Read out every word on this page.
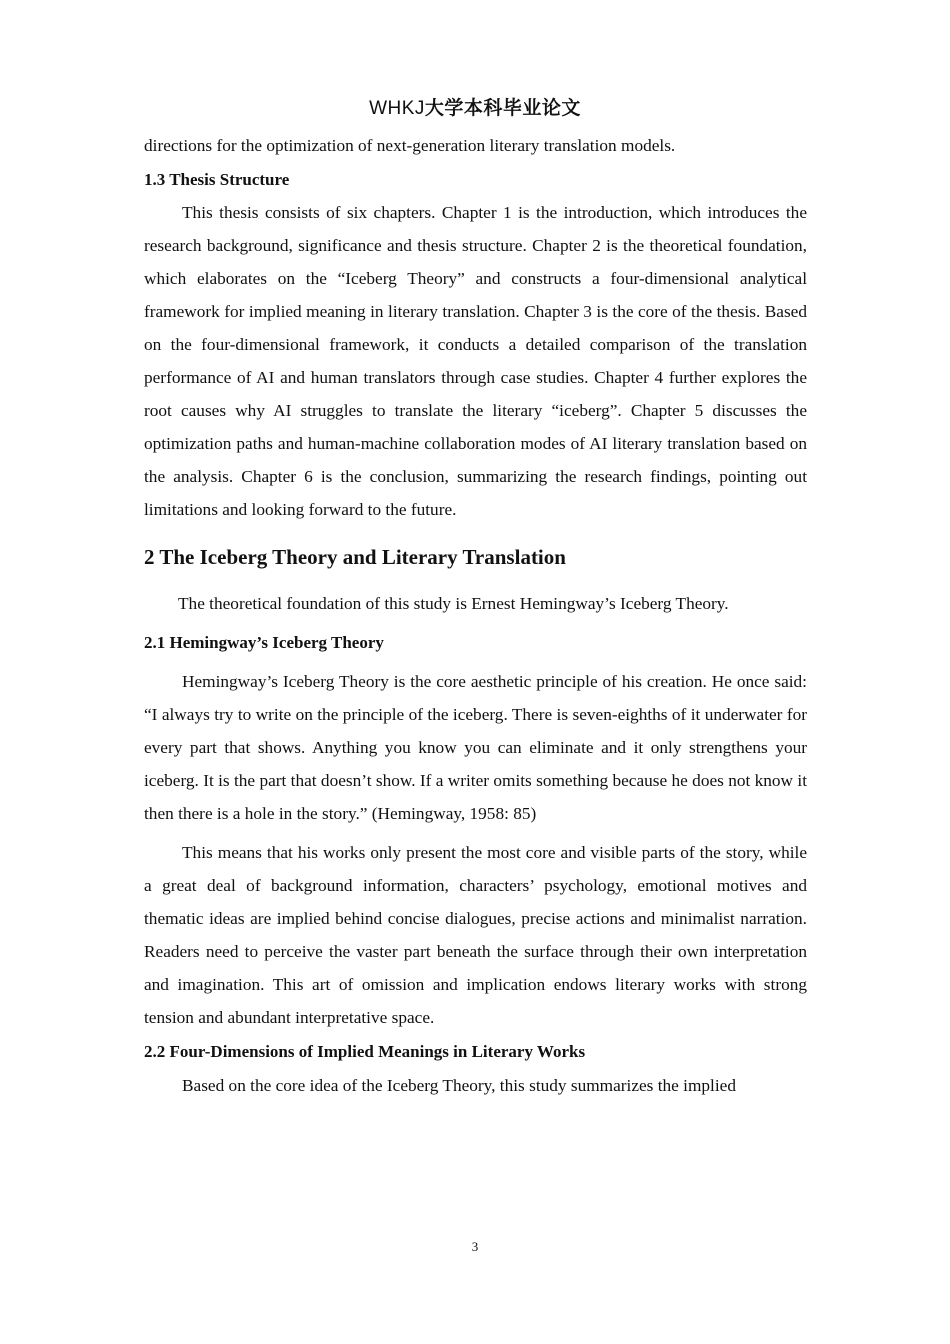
WHKJ大学本科毕业论文

directions for the optimization of next-generation literary translation models.

1.3 Thesis Structure

This thesis consists of six chapters. Chapter 1 is the introduction, which introduces the research background, significance and thesis structure. Chapter 2 is the theoretical foundation, which elaborates on the “Iceberg Theory” and constructs a four-dimensional analytical framework for implied meaning in literary translation. Chapter 3 is the core of the thesis. Based on the four-dimensional framework, it conducts a detailed comparison of the translation performance of AI and human translators through case studies. Chapter 4 further explores the root causes why AI struggles to translate the literary “iceberg”. Chapter 5 discusses the optimization paths and human-machine collaboration modes of AI literary translation based on the analysis. Chapter 6 is the conclusion, summarizing the research findings, pointing out limitations and looking forward to the future.

2 The Iceberg Theory and Literary Translation

The theoretical foundation of this study is Ernest Hemingway’s Iceberg Theory.

2.1 Hemingway’s Iceberg Theory

Hemingway’s Iceberg Theory is the core aesthetic principle of his creation. He once said: “I always try to write on the principle of the iceberg. There is seven-eighths of it underwater for every part that shows. Anything you know you can eliminate and it only strengthens your iceberg. It is the part that doesn’t show. If a writer omits something because he does not know it then there is a hole in the story.” (Hemingway, 1958: 85)

This means that his works only present the most core and visible parts of the story, while a great deal of background information, characters’ psychology, emotional motives and thematic ideas are implied behind concise dialogues, precise actions and minimalist narration. Readers need to perceive the vaster part beneath the surface through their own interpretation and imagination. This art of omission and implication endows literary works with strong tension and abundant interpretative space.

2.2 Four-Dimensions of Implied Meanings in Literary Works

Based on the core idea of the Iceberg Theory, this study summarizes the implied

3
